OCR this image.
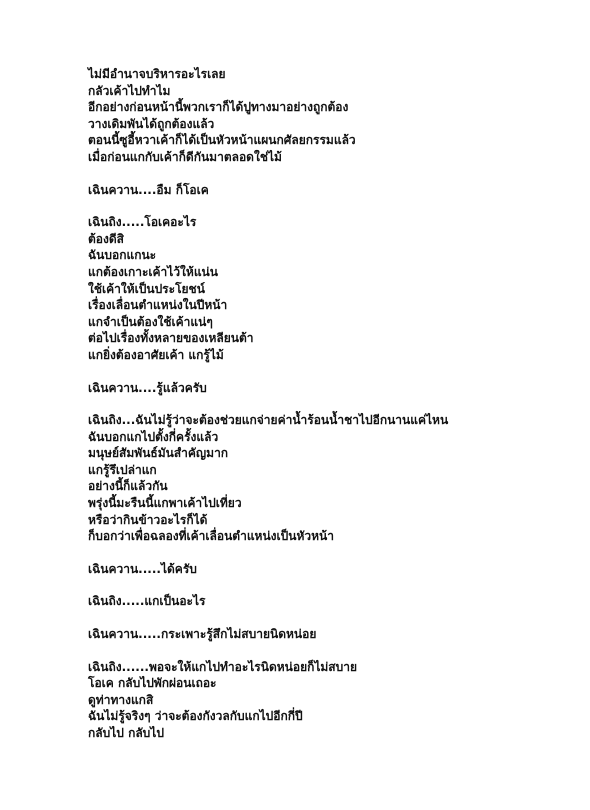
ไม่มีอำนาจบริหารอะไรเลย
กลัวเค้าไปทำไม
อีกอย่างก่อนหน้านี้พวกเราก็ได้ปูทางมาอย่างถูกต้อง
วางเดิมพันได้ถูกต้องแล้ว
ตอนนี้ซูอี้หวาเค้าก็ได้เป็นหัวหน้าแผนกศัลยกรรมแล้ว
เมื่อก่อนแกกับเค้าก็ดีกันมาตลอดใช่ไม้
เฉินควาน....อืม ก็โอเค
เฉินถิง.....โอเคอะไร
ต้องดีสิ
ฉันบอกแกนะ
แกต้องเกาะเค้าไว้ให้แน่น
ใช้เค้าให้เป็นประโยชน์
เรื่องเลื่อนตำแหน่งในปีหน้า
แกจำเป็นต้องใช้เค้าแน่ๆ
ต่อไปเรื่องทั้งหลายของเหลียนต้า
แกยิ่งต้องอาศัยเค้า แกรู้ไม้
เฉินควาน....รู้แล้วครับ
เฉินถิง...ฉันไม่รู้ว่าจะต้องช่วยแกจ่ายค่าน้ำร้อนน้ำชาไปอีกนานแค่ไหน
ฉันบอกแกไปตั้งกี่ครั้งแล้ว
มนุษย์สัมพันธ์มันสำคัญมาก
แกรู้รึเปล่าแก
อย่างนี้ก็แล้วกัน
พรุ่งนี้มะรืนนี้แกพาเค้าไปเที่ยว
หรือว่ากินข้าวอะไรก็ได้
ก็บอกว่าเพื่อฉลองที่เค้าเลื่อนตำแหน่งเป็นหัวหน้า
เฉินควาน.....ได้ครับ
เฉินถิง.....แกเป็นอะไร
เฉินควาน.....กระเพาะรู้สึกไม่สบายนิดหน่อย
เฉินถิง......พอจะให้แกไปทำอะไรนิดหน่อยก็ไม่สบาย
โอเค กลับไปพักผ่อนเถอะ
ดูท่าทางแกสิ
ฉันไม่รู้จริงๆ ว่าจะต้องกังวลกับแกไปอีกกี่ปี
กลับไป กลับไป
